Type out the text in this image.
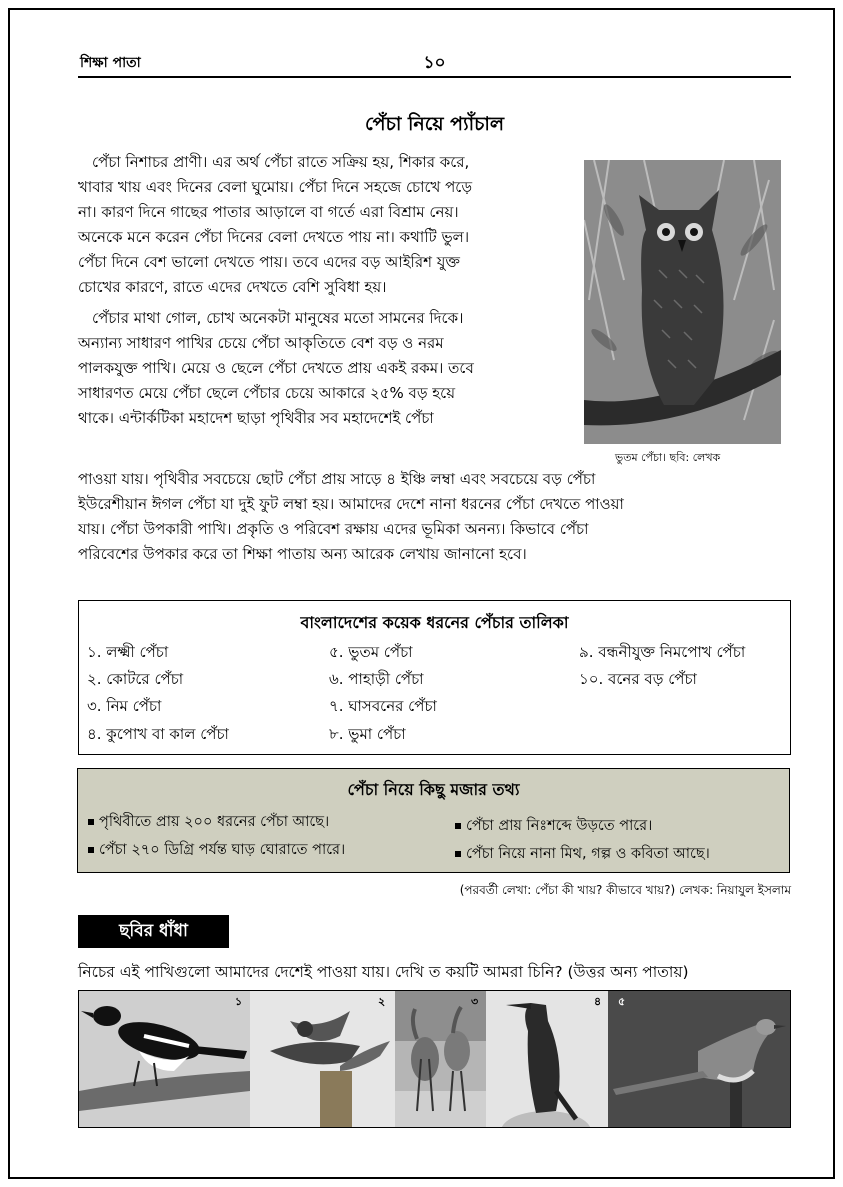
শিক্ষা পাতা	১০
পেঁচা নিয়ে প্যাঁচাল
পেঁচা নিশাচর প্রাণী। এর অর্থ পেঁচা রাতে সক্রিয় হয়, শিকার করে,
খাবার খায় এবং দিনের বেলা ঘুমোয়। পেঁচা দিনে সহজে চোখে পড়ে
না। কারণ দিনে গাছের পাতার আড়ালে বা গর্তে এরা বিশ্রাম নেয়।
অনেকে মনে করেন পেঁচা দিনের বেলা দেখতে পায় না। কথাটি ভুল।
পেঁচা দিনে বেশ ভালো দেখতে পায়। তবে এদের বড় আইরিশ যুক্ত
চোখের কারণে, রাতে এদের দেখতে বেশি সুবিধা হয়।
পেঁচার মাথা গোল, চোখ অনেকটা মানুষের মতো সামনের দিকে।
অন্যান্য সাধারণ পাখির চেয়ে পেঁচা আকৃতিতে বেশ বড় ও নরম
পালকযুক্ত পাখি। মেয়ে ও ছেলে পেঁচা দেখতে প্রায় একই রকম। তবে
সাধারণত মেয়ে পেঁচা ছেলে পেঁচার চেয়ে আকারে ২৫% বড় হয়ে
থাকে। এন্টার্কটিকা মহাদেশ ছাড়া পৃথিবীর সব মহাদেশেই পেঁচা
পাওয়া যায়। পৃথিবীর সবচেয়ে ছোট পেঁচা প্রায় সাড়ে ৪ ইঞ্চি লম্বা এবং সবচেয়ে বড় পেঁচা
ইউরেশীয়ান ঈগল পেঁচা যা দুই ফুট লম্বা হয়। আমাদের দেশে নানা ধরনের পেঁচা দেখতে পাওয়া
যায়। পেঁচা উপকারী পাখি। প্রকৃতি ও পরিবেশ রক্ষায় এদের ভূমিকা অনন্য। কিভাবে পেঁচা
পরিবেশের উপকার করে তা শিক্ষা পাতায় অন্য আরেক লেখায় জানানো হবে।
ভুতম পেঁচা। ছবি: লেখক
বাংলাদেশের কয়েক ধরনের পেঁচার তালিকা
১. লক্ষ্মী পেঁচা
২. কোটরে পেঁচা
৩. নিম পেঁচা
৪. কুপোখ বা কাল পেঁচা
৫. ভুতম পেঁচা
৬. পাহাড়ী পেঁচা
৭. ঘাসবনের পেঁচা
৮. ভুমা পেঁচা
৯. বন্ধনীযুক্ত নিমপোখ পেঁচা
১০. বনের বড় পেঁচা
পেঁচা নিয়ে কিছু মজার তথ্য
পৃথিবীতে প্রায় ২০০ ধরনের পেঁচা আছে।
পেঁচা ২৭০ ডিগ্রি পর্যন্ত ঘাড় ঘোরাতে পারে।
পেঁচা প্রায় নিঃশব্দে উড়তে পারে।
পেঁচা নিয়ে নানা মিথ, গল্প ও কবিতা আছে।
(পরবর্তী লেখা: পেঁচা কী খায়? কীভাবে খায়?) লেখক: নিয়াযুল ইসলাম
ছবির ধাঁধা
নিচের এই পাখিগুলো আমাদের দেশেই পাওয়া যায়। দেখি ত কয়টি আমরা চিনি? (উত্তর অন্য পাতায়)
১	২	৩	৪ ৫
